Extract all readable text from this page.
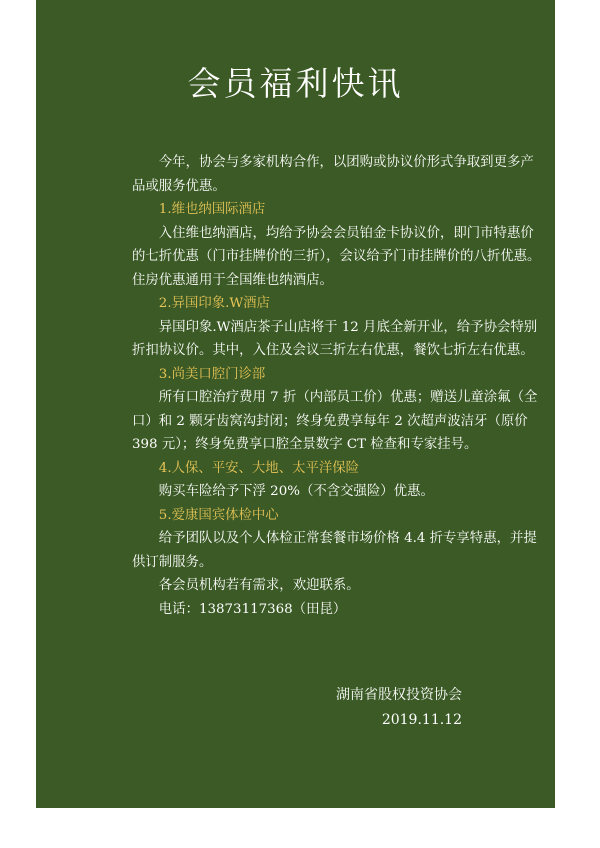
会员福利快讯

今年，协会与多家机构合作，以团购或协议价形式争取到更多产品或服务优惠。

1.维也纳国际酒店

入住维也纳酒店，均给予协会会员铂金卡协议价，即门市特惠价的七折优惠（门市挂牌价的三折），会议给予门市挂牌价的八折优惠。住房优惠通用于全国维也纳酒店。

2.异国印象.W酒店

异国印象.W酒店茶子山店将于 12 月底全新开业，给予协会特别折扣协议价。其中，入住及会议三折左右优惠，餐饮七折左右优惠。

3.尚美口腔门诊部

所有口腔治疗费用 7 折（内部员工价）优惠；赠送儿童涂氟（全口）和 2 颗牙齿窝沟封闭；终身免费享每年 2 次超声波洁牙（原价 398 元）；终身免费享口腔全景数字 CT 检查和专家挂号。

4.人保、平安、大地、太平洋保险

购买车险给予下浮 20%（不含交强险）优惠。

5.爱康国宾体检中心

给予团队以及个人体检正常套餐市场价格 4.4 折专享特惠，并提供订制服务。

各会员机构若有需求，欢迎联系。

电话：13873117368（田昆）

湖南省股权投资协会
2019.11.12
